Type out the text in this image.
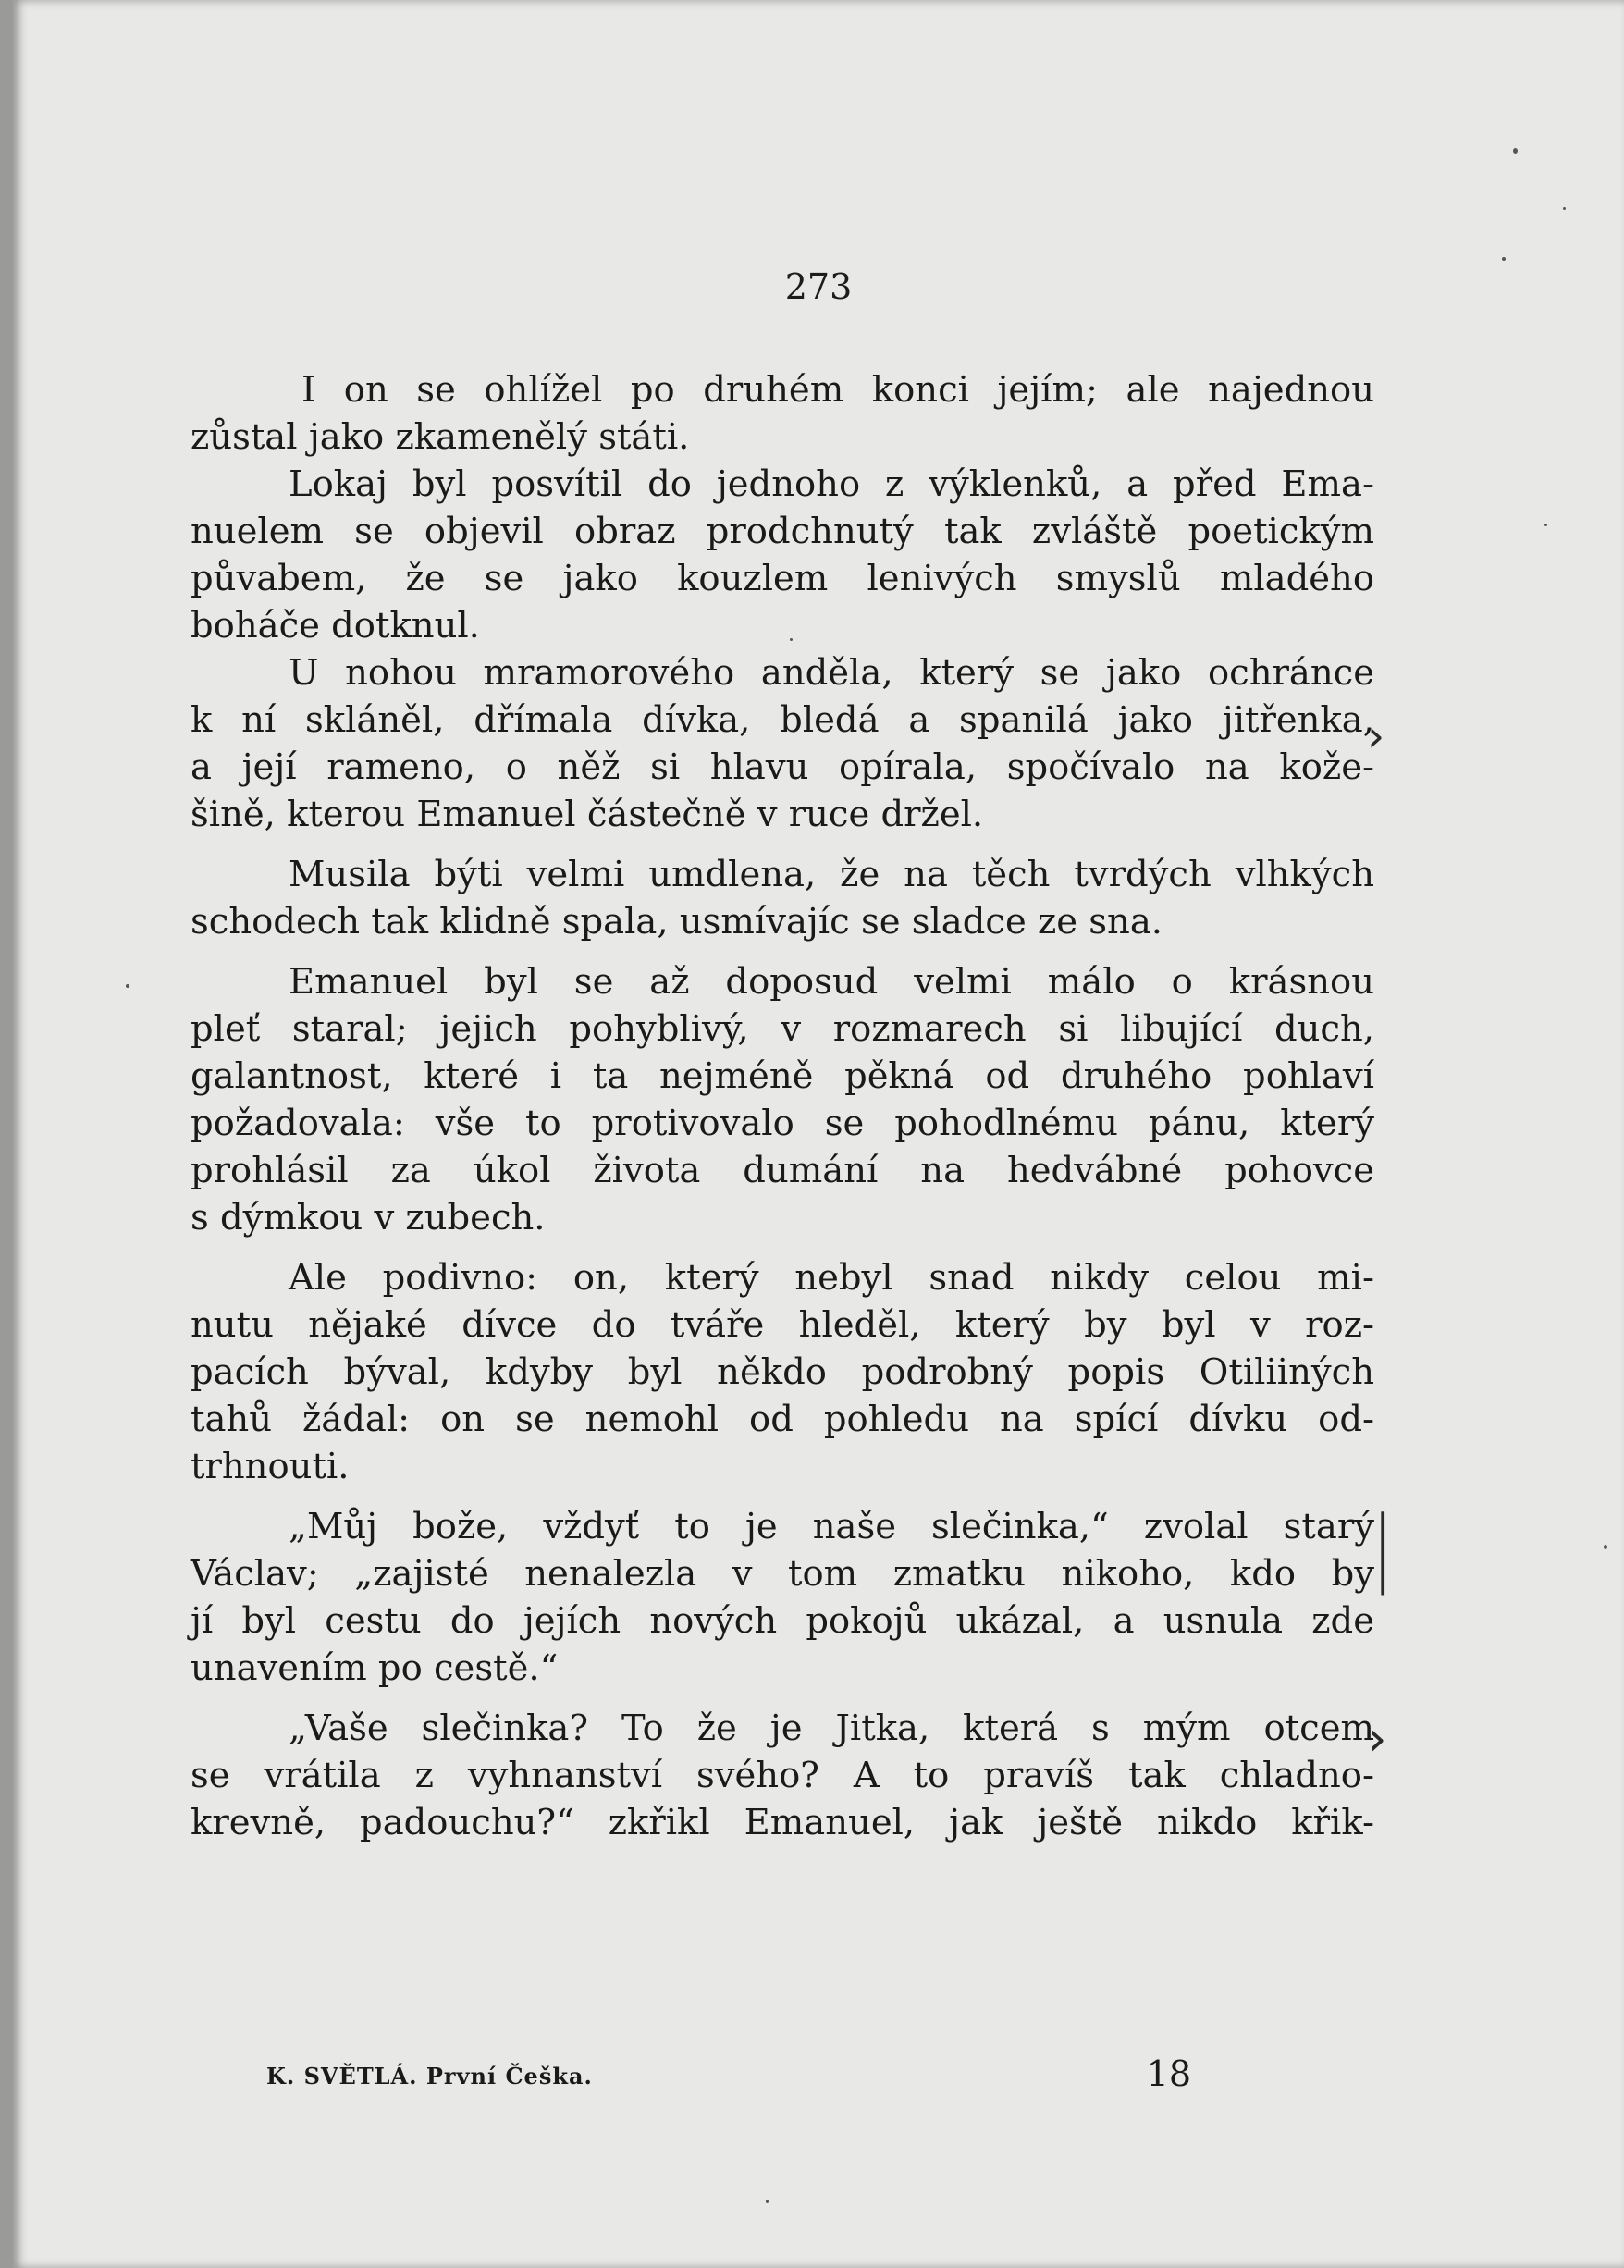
273
I on se ohlížel po druhém konci jejím; ale najednou
zůstal jako zkamenělý státi.
Lokaj byl posvítil do jednoho z výklenků, a před Ema-
nuelem se objevil obraz prodchnutý tak zvláště poetickým
půvabem, že se jako kouzlem lenivých smyslů mladého
boháče dotknul.
U nohou mramorového anděla, který se jako ochránce
k ní skláněl, dřímala dívka, bledá a spanilá jako jitřenka,
a její rameno, o něž si hlavu opírala, spočívalo na kože-
šině, kterou Emanuel částečně v ruce držel.
Musila býti velmi umdlena, že na těch tvrdých vlhkých
schodech tak klidně spala, usmívajíc se sladce ze sna.
Emanuel byl se až doposud velmi málo o krásnou
pleť staral; jejich pohyblivý, v rozmarech si libující duch,
galantnost, které i ta nejméně pěkná od druhého pohlaví
požadovala: vše to protivovalo se pohodlnému pánu, který
prohlásil za úkol života dumání na hedvábné pohovce
s dýmkou v zubech.
Ale podivno: on, který nebyl snad nikdy celou mi-
nutu nějaké dívce do tváře hleděl, který by byl v roz-
pacích býval, kdyby byl někdo podrobný popis Otiliiných
tahů žádal: on se nemohl od pohledu na spící dívku od-
trhnouti.
„Můj bože, vždyť to je naše slečinka,“ zvolal starý
Václav; „zajisté nenalezla v tom zmatku nikoho, kdo by
jí byl cestu do jejích nových pokojů ukázal, a usnula zde
unavením po cestě.“
„Vaše slečinka? To že je Jitka, která s mým otcem
se vrátila z vyhnanství svého? A to pravíš tak chladno-
krevně, padouchu?“ zkřikl Emanuel, jak ještě nikdo křik-
K. SVĚTLÁ. První Češka.	18
›
|
›
